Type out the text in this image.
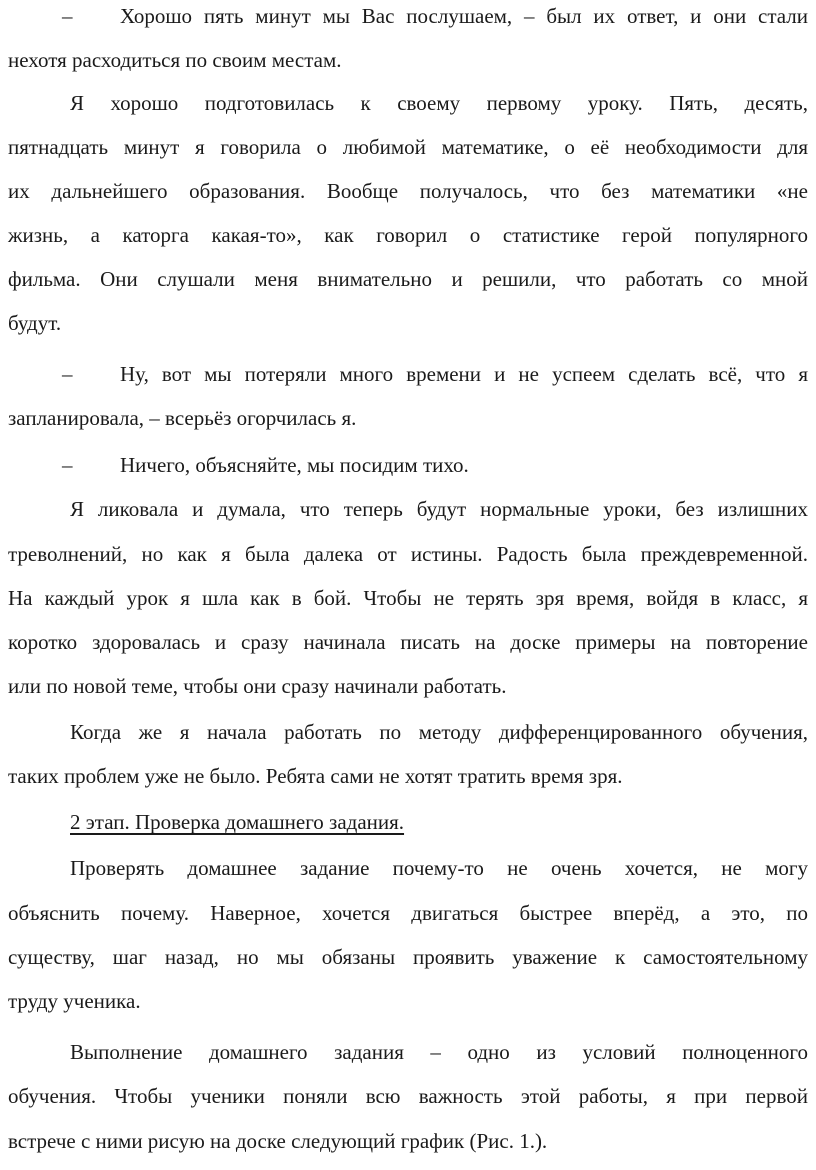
– Хорошо пять минут мы Вас послушаем, – был их ответ, и они стали
нехотя расходиться по своим местам.
Я хорошо подготовилась к своему первому уроку. Пять, десять,
пятнадцать минут я говорила о любимой математике, о её необходимости для
их дальнейшего образования. Вообще получалось, что без математики «не
жизнь, а каторга какая-то», как говорил о статистике герой популярного
фильма. Они слушали меня внимательно и решили, что работать со мной
будут.
– Ну, вот мы потеряли много времени и не успеем сделать всё, что я
запланировала, – всерьёз огорчилась я.
– Ничего, объясняйте, мы посидим тихо.
Я ликовала и думала, что теперь будут нормальные уроки, без излишних
треволнений, но как я была далека от истины. Радость была преждевременной.
На каждый урок я шла как в бой. Чтобы не терять зря время, войдя в класс, я
коротко здоровалась и сразу начинала писать на доске примеры на повторение
или по новой теме, чтобы они сразу начинали работать.
Когда же я начала работать по методу дифференцированного обучения,
таких проблем уже не было. Ребята сами не хотят тратить время зря.
2 этап. Проверка домашнего задания.
Проверять домашнее задание почему-то не очень хочется, не могу
объяснить почему. Наверное, хочется двигаться быстрее вперёд, а это, по
существу, шаг назад, но мы обязаны проявить уважение к самостоятельному
труду ученика.
Выполнение домашнего задания – одно из условий полноценного
обучения. Чтобы ученики поняли всю важность этой работы, я при первой
встрече с ними рисую на доске следующий график (Рис. 1.).
